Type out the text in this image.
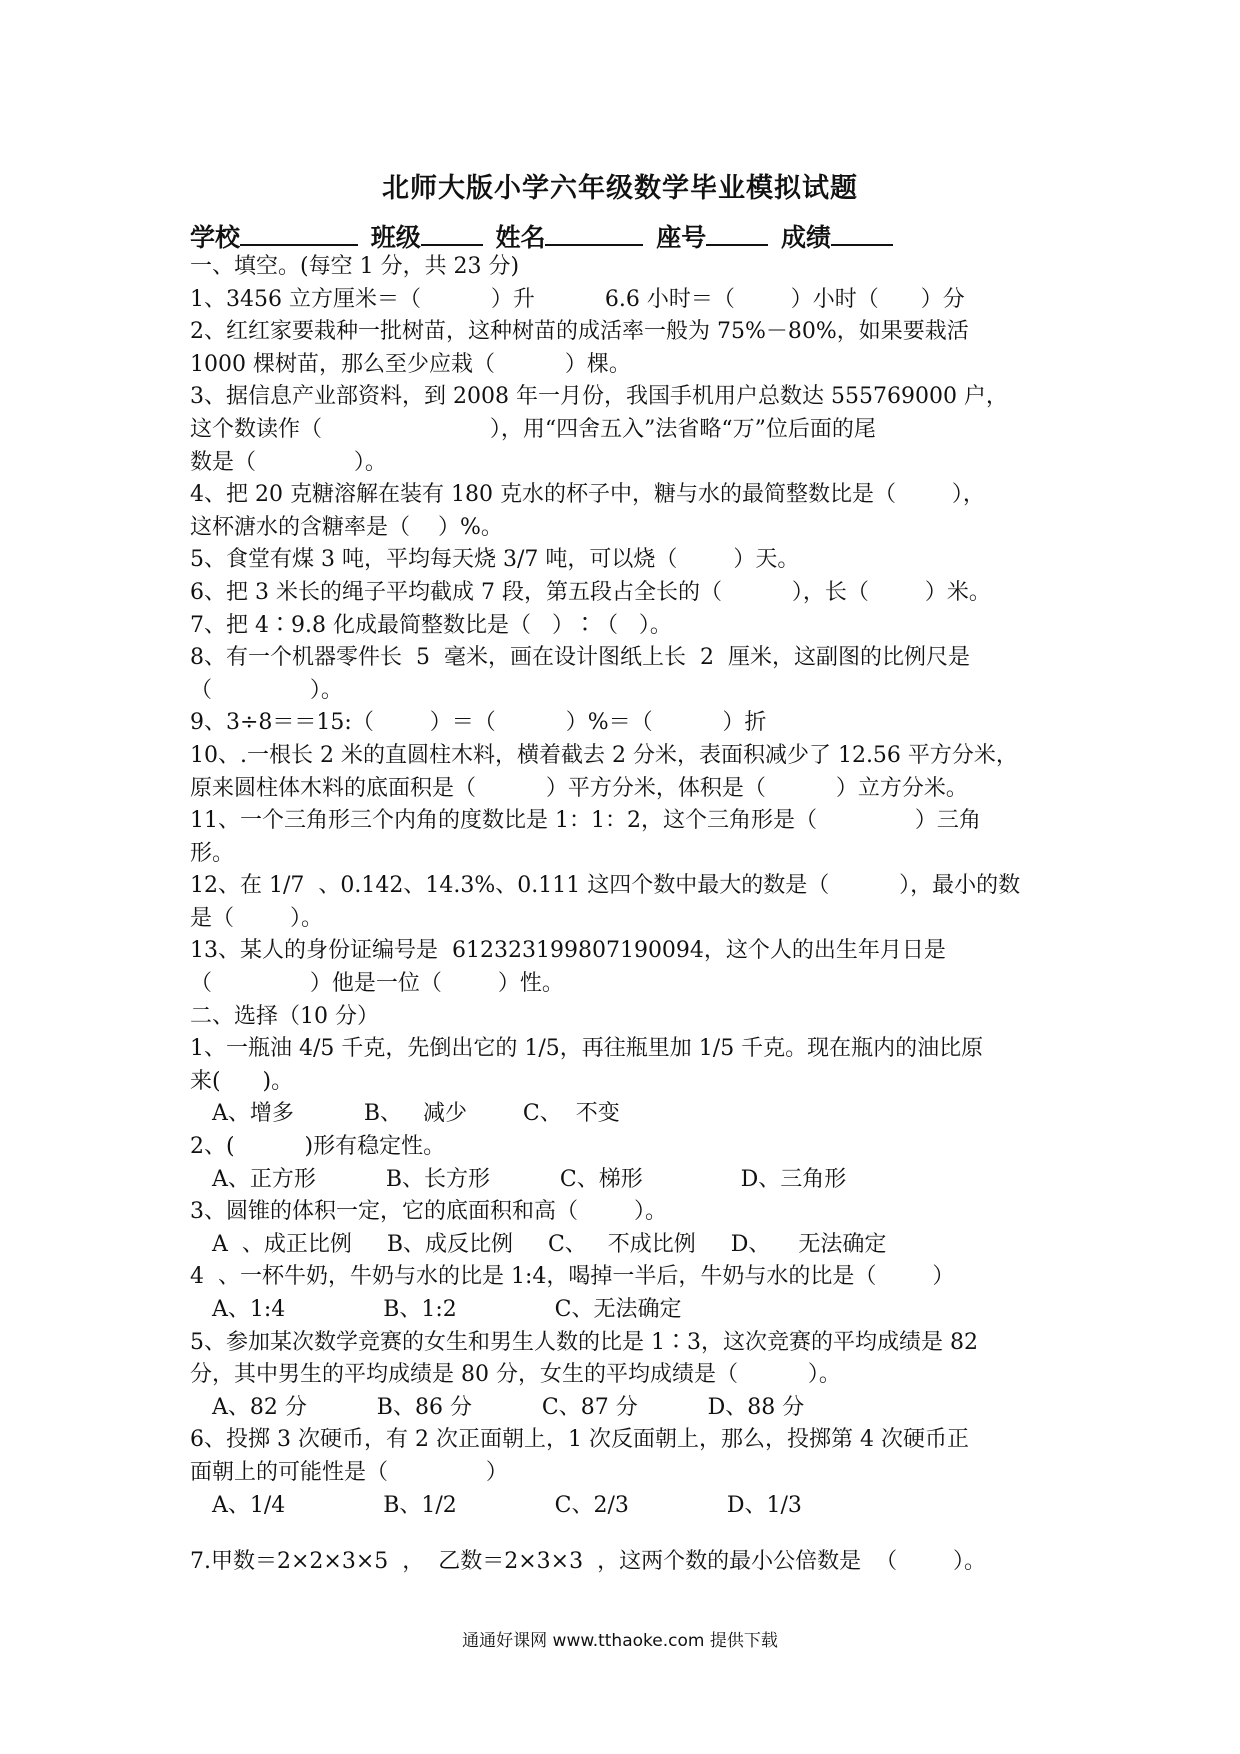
北师大版小学六年级数学毕业模拟试题
学校	班级	姓名	座号	成绩
一、填空。(每空 1 分，共 23 分)
1、3456 立方厘米＝（          ）升          6.6 小时＝（        ）小时（      ）分
2、红红家要栽种一批树苗，这种树苗的成活率一般为 75%－80%，如果要栽活
1000 棵树苗，那么至少应栽（          ）棵。
3、据信息产业部资料，到 2008 年一月份，我国手机用户总数达 555769000 户，
这个数读作（                        ），用“四舍五入”法省略“万”位后面的尾
数是（              ）。
4、把 20 克糖溶解在装有 180 克水的杯子中，糖与水的最简整数比是（        ），
这杯溏水的含糖率是（    ）%。
5、食堂有煤 3 吨，平均每天烧 3/7 吨，可以烧（        ）天。
6、把 3 米长的绳子平均截成 7 段，第五段占全长的（          ），长（        ）米。
7、把 4∶9.8 化成最简整数比是（   ）∶（   ）。
8、有一个机器零件长  5  毫米，画在设计图纸上长  2  厘米，这副图的比例尺是
（              ）。
9、3÷8＝＝15:（        ）＝（          ）%＝（          ）折
10、.一根长 2 米的直圆柱木料，横着截去 2 分米，表面积减少了 12.56 平方分米，
原来圆柱体木料的底面积是（          ）平方分米，体积是（          ）立方分米。
11、一个三角形三个内角的度数比是 1：1：2，这个三角形是（              ）三角
形。
12、在 1/7  、0.142、14.3%、0.111 这四个数中最大的数是（          ），最小的数
是（        ）。
13、某人的身份证编号是  612323199807190094，这个人的出生年月日是
（              ）他是一位（        ）性。
二、选择（10 分）
1、一瓶油 4/5 千克，先倒出它的 1/5，再往瓶里加 1/5 千克。现在瓶内的油比原
来(      )。
A、增多          B、   减少        C、  不变
2、(          )形有稳定性。
A、正方形          B、长方形          C、梯形              D、三角形
3、圆锥的体积一定，它的底面积和高（        ）。
A  、成正比例     B、成反比例     C、   不成比例     D、    无法确定
4  、一杯牛奶，牛奶与水的比是 1:4，喝掉一半后，牛奶与水的比是（        ）
A、1:4              B、1:2              C、无法确定
5、参加某次数学竞赛的女生和男生人数的比是 1∶3，这次竞赛的平均成绩是 82
分，其中男生的平均成绩是 80 分，女生的平均成绩是（          ）。
A、82 分          B、86 分          C、87 分          D、88 分
6、投掷 3 次硬币，有 2 次正面朝上，1 次反面朝上，那么，投掷第 4 次硬币正
面朝上的可能性是（              ）
A、1/4              B、1/2              C、2/3              D、1/3
7.甲数＝2×2×3×5  ，  乙数＝2×3×3  ，这两个数的最小公倍数是  （        ）。
通通好课网 www.tthaoke.com 提供下载
